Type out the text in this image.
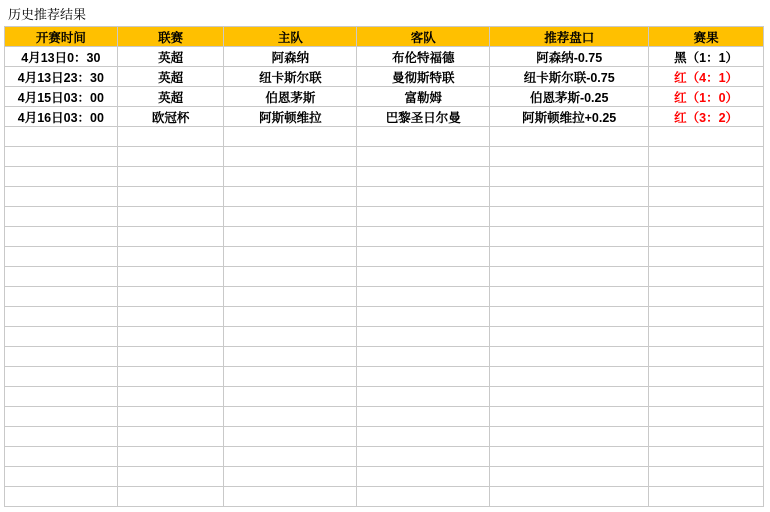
历史推荐结果
开赛时间	联赛	主队	客队	推荐盘口	赛果
4月13日0：30	英超	阿森纳	布伦特福德	阿森纳-0.75	黑（1：1）
4月13日23：30	英超	纽卡斯尔联	曼彻斯特联	纽卡斯尔联-0.75	红（4：1）
4月15日03：00	英超	伯恩茅斯	富勒姆	伯恩茅斯-0.25	红（1：0）
4月16日03：00	欧冠杯	阿斯顿维拉	巴黎圣日尔曼	阿斯顿维拉+0.25	红（3：2）
